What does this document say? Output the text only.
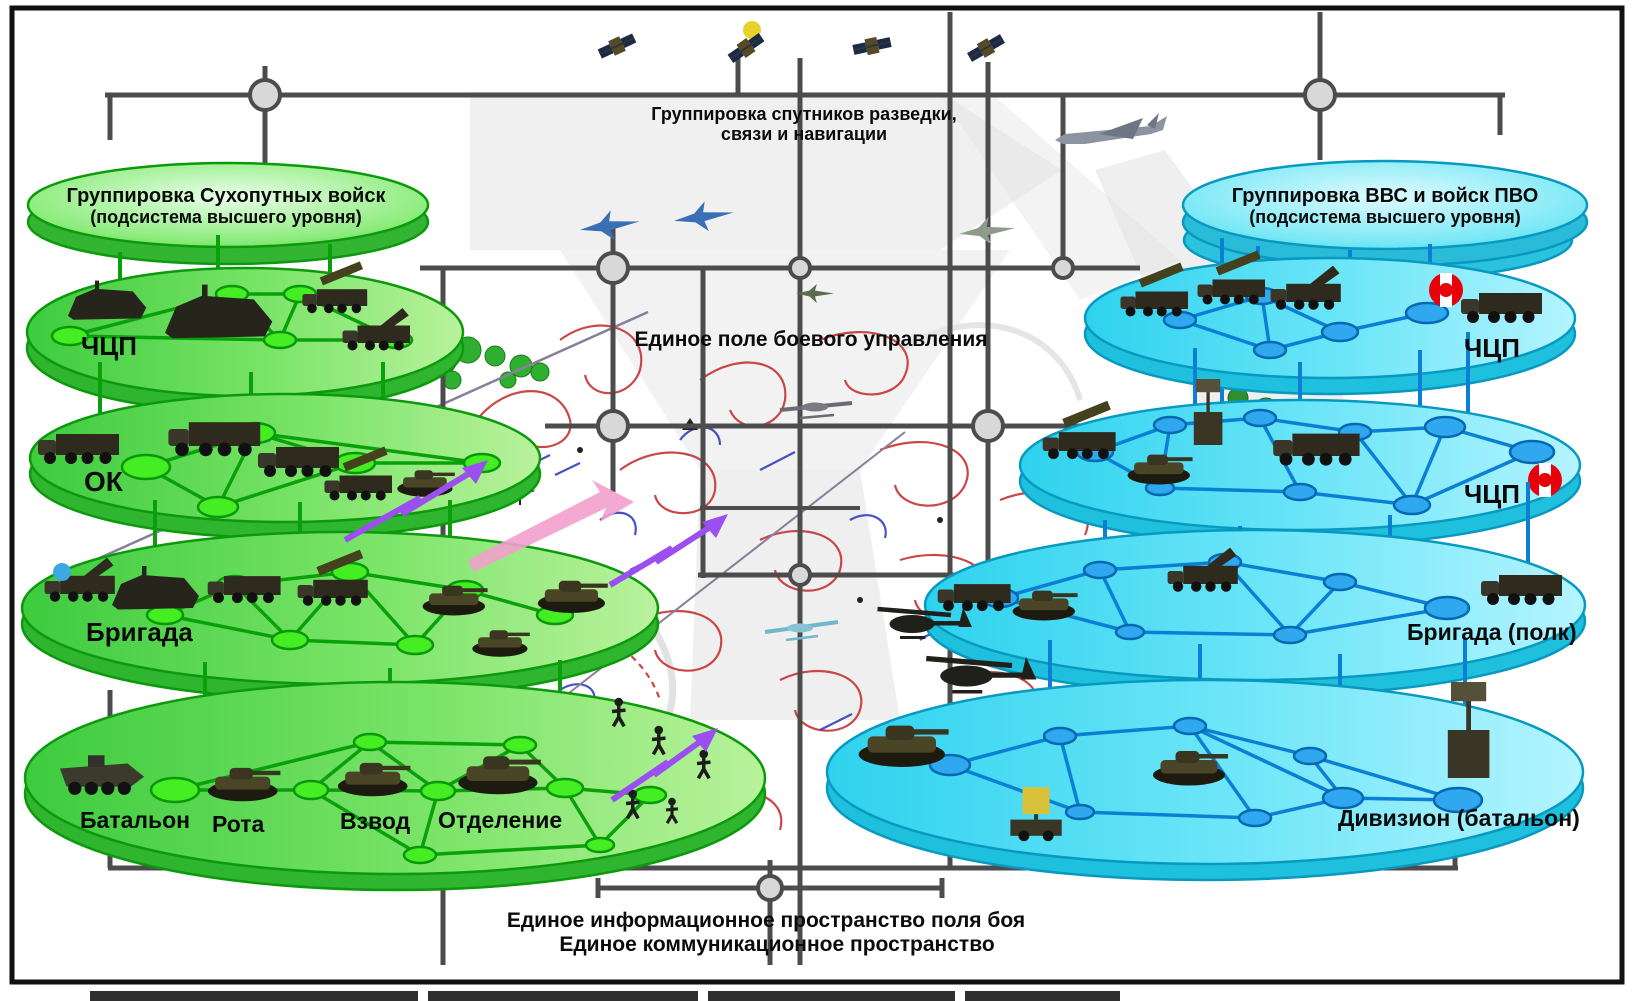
Группировка спутников разведки,
связи и навигации
Группировка Сухопутных войск
(подсистема высшего уровня)
Группировка ВВС и войск ПВО
(подсистема высшего уровня)
Единое поле боевого управления
ЧЦП
ОК
Бригада
Батальон Рота	Взвод Отделение
ЧЦП
ЧЦП
Бригада (полк)
Дивизион (батальон)
Единое информационное пространство поля боя
Единое коммуникационное пространство
